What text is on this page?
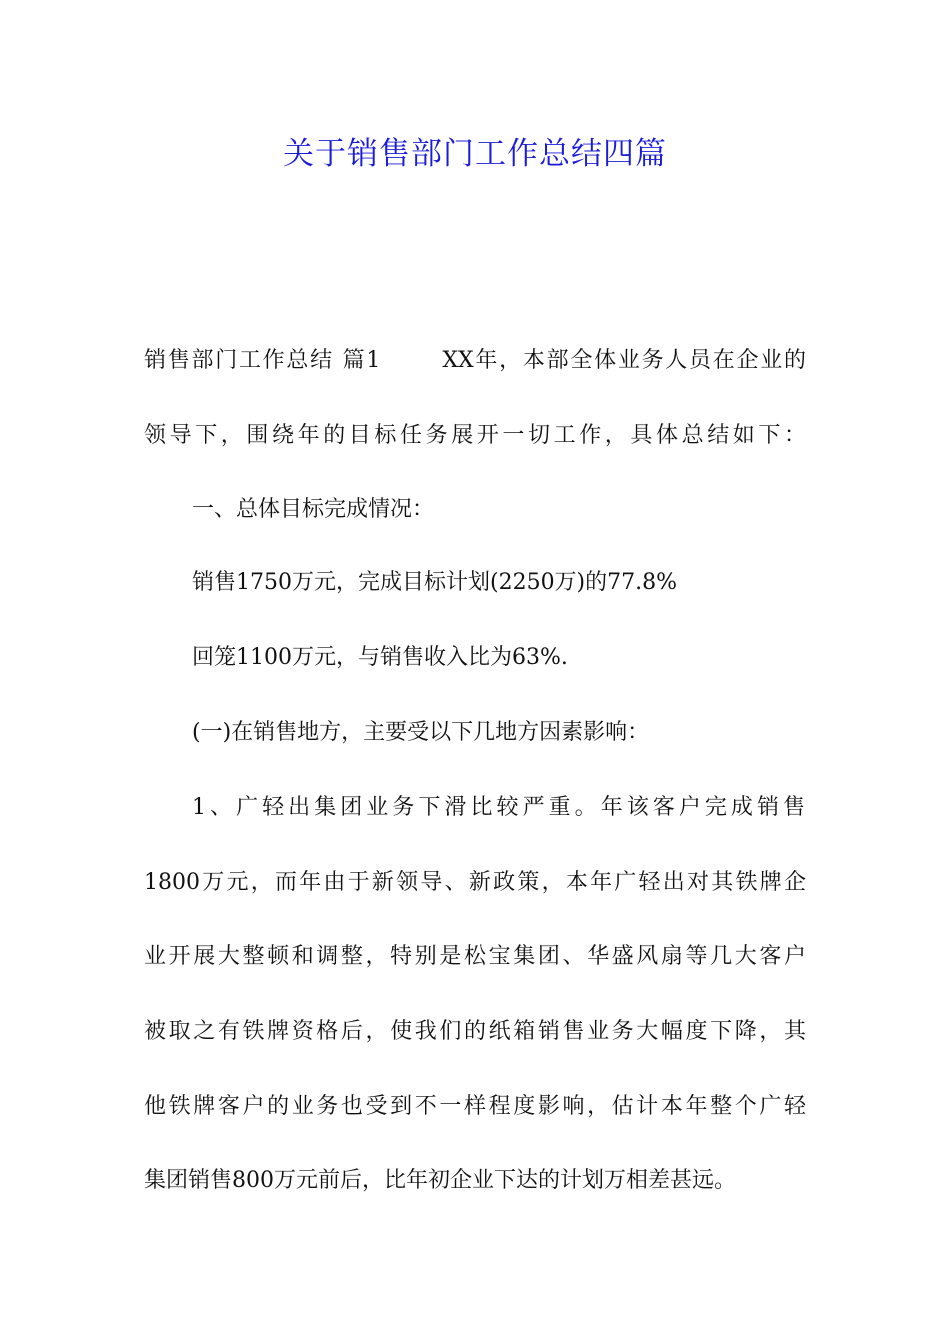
关于销售部门工作总结四篇

销售部门工作总结 篇1	XX年，本部全体业务人员在企业的

领导下，围绕年的目标任务展开一切工作，具体总结如下：

一、总体目标完成情况：

销售1750万元，完成目标计划(2250万)的77.8%

回笼1100万元，与销售收入比为63%.

(一)在销售地方，主要受以下几地方因素影响：

1、广轻出集团业务下滑比较严重。年该客户完成销售

1800万元，而年由于新领导、新政策，本年广轻出对其铁牌企

业开展大整顿和调整，特别是松宝集团、华盛风扇等几大客户

被取之有铁牌资格后，使我们的纸箱销售业务大幅度下降，其

他铁牌客户的业务也受到不一样程度影响，估计本年整个广轻

集团销售800万元前后，比年初企业下达的计划万相差甚远。
